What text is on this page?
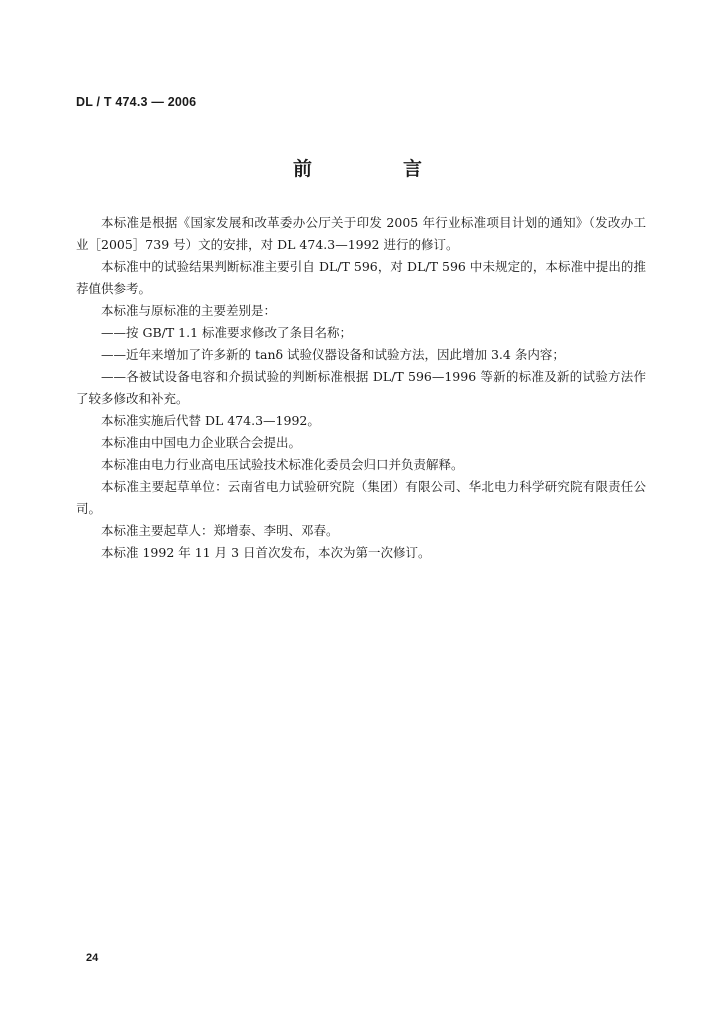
DL / T 474.3 — 2006
前　言

本标准是根据《国家发展和改革委办公厅关于印发 2005 年行业标准项目计划的通知》（发改办工业［2005］739 号）文的安排，对 DL 474.3—1992 进行的修订。

本标准中的试验结果判断标准主要引自 DL/T 596，对 DL/T 596 中未规定的，本标准中提出的推荐值供参考。

本标准与原标准的主要差别是：

——按 GB/T 1.1 标准要求修改了条目名称；

——近年来增加了许多新的 tanδ 试验仪器设备和试验方法，因此增加 3.4 条内容；

——各被试设备电容和介损试验的判断标准根据 DL/T 596—1996 等新的标准及新的试验方法作了较多修改和补充。

本标准实施后代替 DL 474.3—1992。

本标准由中国电力企业联合会提出。

本标准由电力行业高电压试验技术标准化委员会归口并负责解释。

本标准主要起草单位：云南省电力试验研究院（集团）有限公司、华北电力科学研究院有限责任公司。

本标准主要起草人：郑增泰、李明、邓春。

本标准 1992 年 11 月 3 日首次发布，本次为第一次修订。

24
